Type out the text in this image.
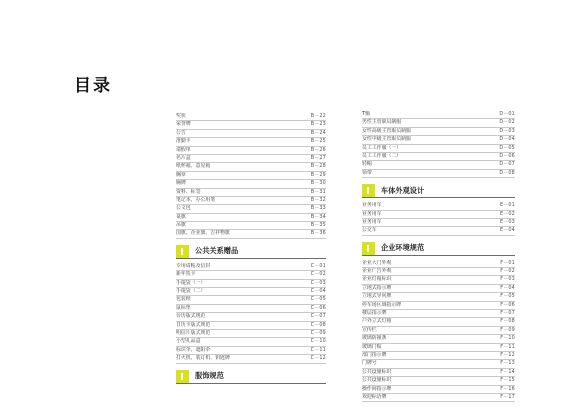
目录
奖状	B－22
荣誉牌	B－23
公告	B－24
准勤卡	B－25
请假单	B－26
名片盒	B－27
纸杯箱、意见箱	B－28
胸章	B－29
胸牌	B－30
资料、标签	B－31
笔记本、办公用笔	B－32
公文包	B－33
桌旗	B－34
吊旗	B－35
国旗、企业旗、吉祥物旗	B－36
公共关系赠品
专用请帖及信封	C－01
新年贺卡	C－02
手提袋（一）	C－03
手提袋（二）	C－04
包装纸	C－05
鼠标垫	C－06
台历版式规范	C－07
日历卡版式规范	C－08
明信片版式规范	C－09
小型礼品盒	C－10
标识伞、遮阳伞	C－11
打火机、装订机、钥匙牌	C－12
服饰规范
T恤	D－01
男性主管职员制服	D－02
女性高级主管职员制服	D－03
女性中级主管职员制服	D－04
员工工作服（一）	D－05
员工工作服（二）	D－06
轻帽	D－07
领带	D－08
车体外观设计
业务用车	E－01
业务用车	E－02
业务用车	E－03
公交车	E－04
企业环境规范
企业大门外观	F－01
企业广告外观	F－02
企业灯箱标识	F－03
立地式指示牌	F－04
立地式导向牌	F－05
停车场区域指示牌	F－06
楼层指示牌	F－07
户外立式灯箱	F－08
宣传栏	F－09
玻璃防撞条	F－10
玻璃门贴	F－11
部门指示牌	F－12
门牌号	F－13
公共设施标识	F－14
公共设施标识	F－15
操作间指示牌	F－16
欢迎标语牌	F－17
